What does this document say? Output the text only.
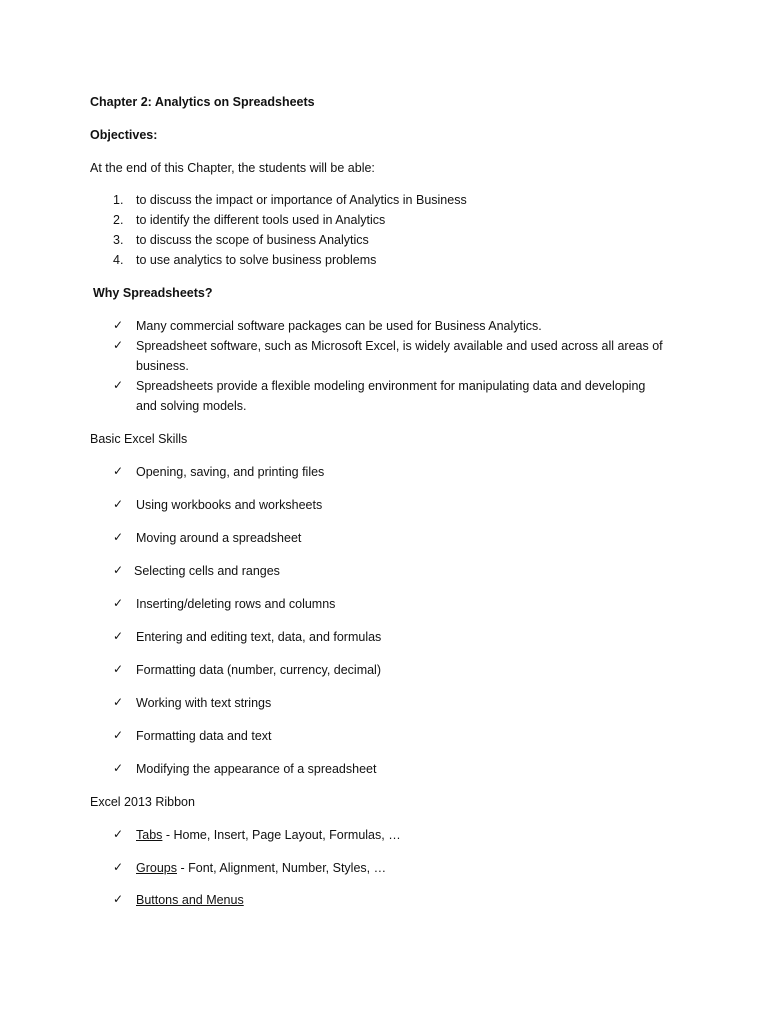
Chapter 2: Analytics on Spreadsheets
Objectives:
At the end of this Chapter, the students will be able:
1. to discuss the impact or importance of Analytics in Business
2. to identify the different tools used in Analytics
3. to discuss the scope of business Analytics
4. to use analytics to solve business problems
Why Spreadsheets?
✓ Many commercial software packages can be used for Business Analytics.
✓ Spreadsheet software, such as Microsoft Excel, is widely available and used across all areas of
business.
✓ Spreadsheets provide a flexible modeling environment for manipulating data and developing
and solving models.
Basic Excel Skills
✓ Opening, saving, and printing files
✓ Using workbooks and worksheets
✓ Moving around a spreadsheet
✓ Selecting cells and ranges
✓ Inserting/deleting rows and columns
✓ Entering and editing text, data, and formulas
✓ Formatting data (number, currency, decimal)
✓ Working with text strings
✓ Formatting data and text
✓ Modifying the appearance of a spreadsheet
Excel 2013 Ribbon
✓ Tabs - Home, Insert, Page Layout, Formulas, …
✓ Groups - Font, Alignment, Number, Styles, …
✓ Buttons and Menus
